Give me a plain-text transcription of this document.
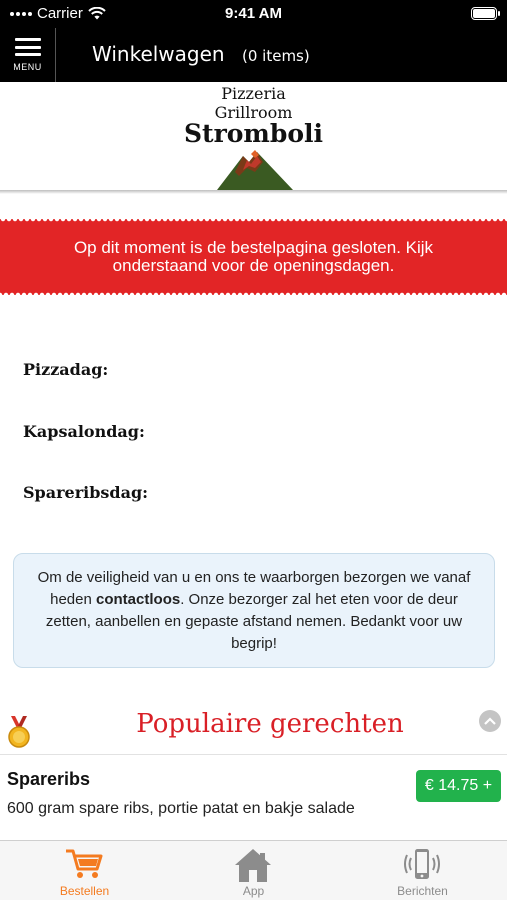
Carrier	9:41 AM
MENU
Winkelwagen (0 items)
Pizzeria
Grillroom
Stromboli
Op dit moment is de bestelpagina gesloten. Kijk onderstaand voor de openingsdagen.
Pizzadag:
Kapsalondag:
Spareribsdag:
Om de veiligheid van u en ons te waarborgen bezorgen we vanaf heden contactloos. Onze bezorger zal het eten voor de deur zetten, aanbellen en gepaste afstand nemen. Bedankt voor uw begrip!
Populaire gerechten
Spareribs
600 gram spare ribs, portie patat en bakje salade
€ 14.75 +
Bestellen	App	Berichten
